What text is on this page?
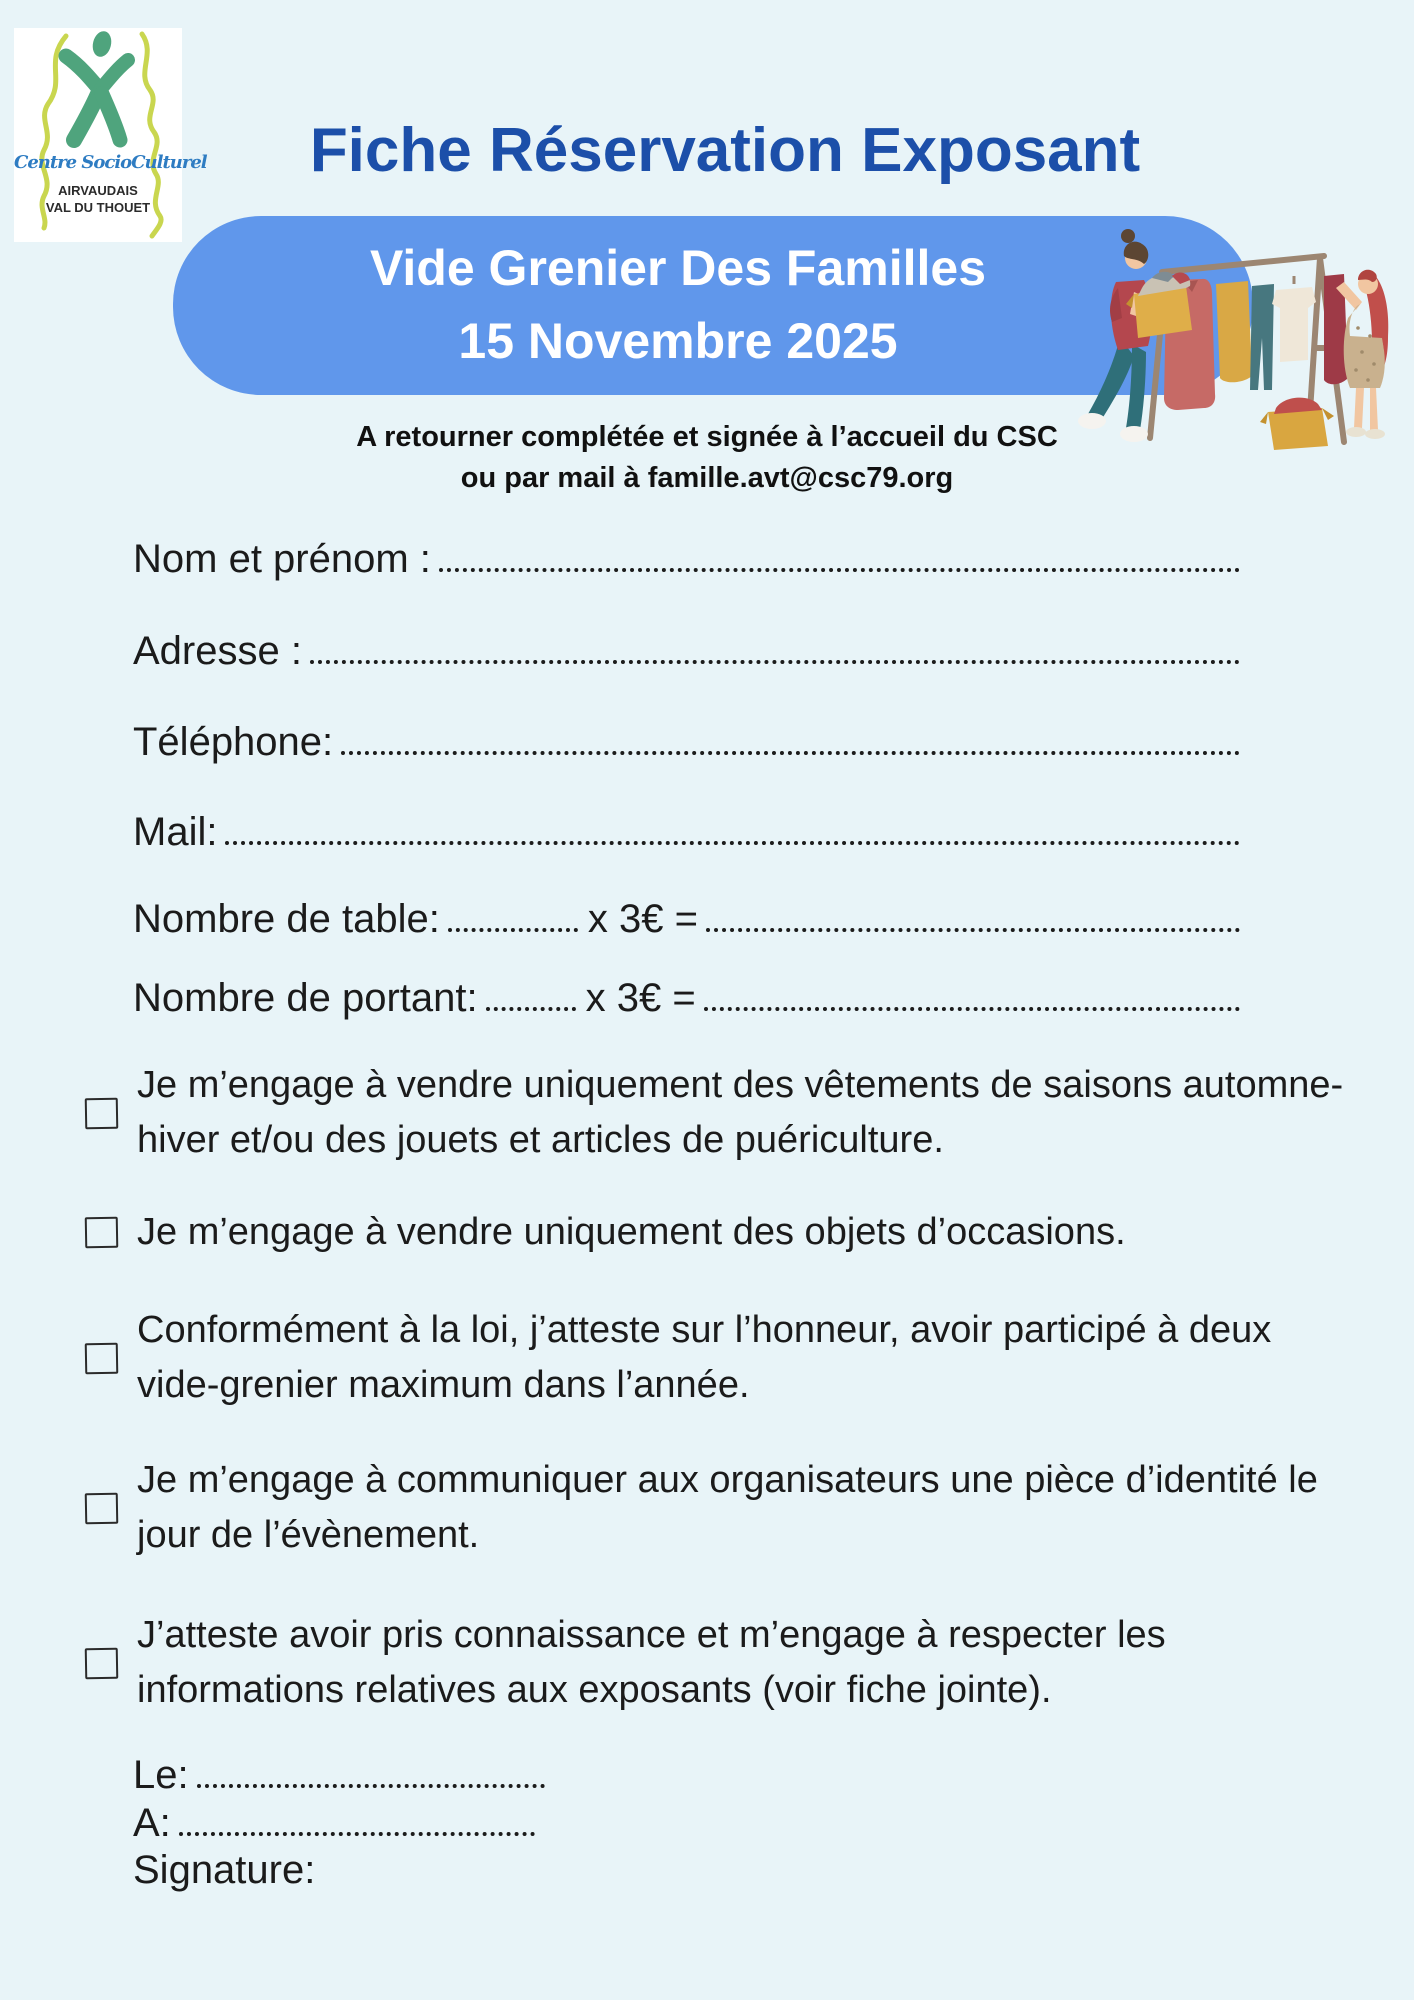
Centre SocioCulturel
AIRVAUDAIS
VAL DU THOUET
Fiche Réservation Exposant
Vide Grenier Des Familles
15 Novembre 2025
A retourner complétée et signée à l’accueil du CSC
ou par mail à famille.avt@csc79.org
Nom et prénom :
Adresse :
Téléphone:
Mail:
Nombre de table:	x 3€ =
Nombre de portant:	x 3€ =
Je m’engage à vendre uniquement des vêtements de saisons automne-
hiver et/ou des jouets et articles de puériculture.
Je m’engage à vendre uniquement des objets d’occasions.
Conformément à la loi, j’atteste sur l’honneur, avoir participé à deux
vide-grenier maximum dans l’année.
Je m’engage à communiquer aux organisateurs une pièce d’identité le
jour de l’évènement.
J’atteste avoir pris connaissance et m’engage à respecter les
informations relatives aux exposants (voir fiche jointe).
Le:
A:
Signature:
